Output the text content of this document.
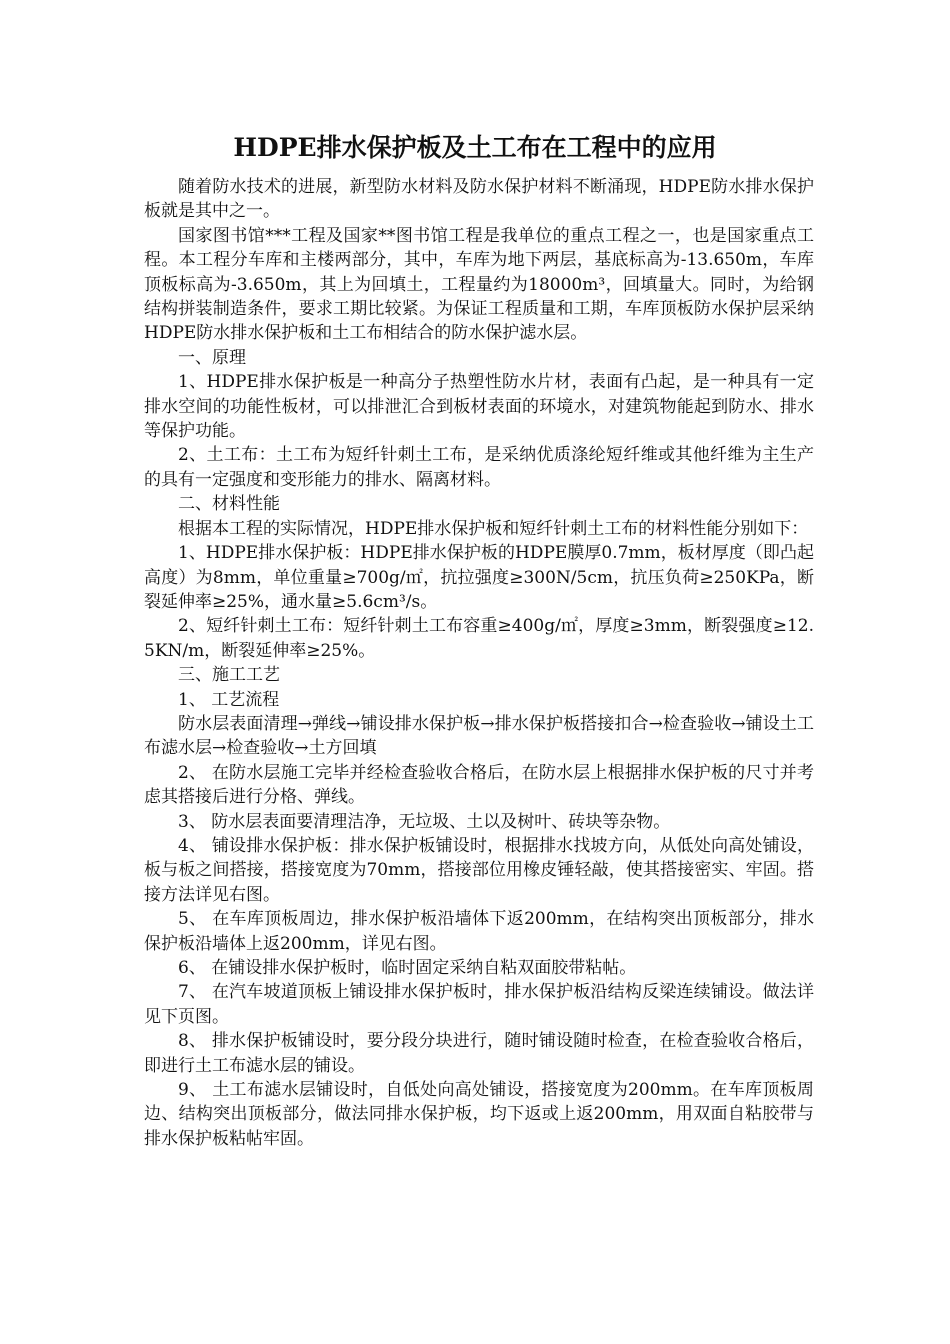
HDPE排水保护板及土工布在工程中的应用

随着防水技术的进展，新型防水材料及防水保护材料不断涌现，HDPE防水排水保护板就是其中之一。

国家图书馆***工程及国家**图书馆工程是我单位的重点工程之一，也是国家重点工程。本工程分车库和主楼两部分，其中，车库为地下两层，基底标高为-13.650m，车库顶板标高为-3.650m，其上为回填土，工程量约为18000m³，回填量大。同时，为给钢结构拼装制造条件，要求工期比较紧。为保证工程质量和工期，车库顶板防水保护层采纳HDPE防水排水保护板和土工布相结合的防水保护滤水层。

一、原理

1、HDPE排水保护板是一种高分子热塑性防水片材，表面有凸起，是一种具有一定排水空间的功能性板材，可以排泄汇合到板材表面的环境水，对建筑物能起到防水、排水等保护功能。

2、土工布：土工布为短纤针刺土工布，是采纳优质涤纶短纤维或其他纤维为主生产的具有一定强度和变形能力的排水、隔离材料。

二、材料性能

根据本工程的实际情况，HDPE排水保护板和短纤针刺土工布的材料性能分别如下：

1、HDPE排水保护板：HDPE排水保护板的HDPE膜厚0.7mm，板材厚度（即凸起高度）为8mm，单位重量≥700g/㎡，抗拉强度≥300N/5cm，抗压负荷≥250KPa，断裂延伸率≥25%，通水量≥5.6cm³/s。

2、短纤针刺土工布：短纤针刺土工布容重≥400g/㎡，厚度≥3mm，断裂强度≥12.5KN/m，断裂延伸率≥25%。

三、施工工艺

1、 工艺流程

防水层表面清理→弹线→铺设排水保护板→排水保护板搭接扣合→检查验收→铺设土工布滤水层→检查验收→土方回填

2、 在防水层施工完毕并经检查验收合格后，在防水层上根据排水保护板的尺寸并考虑其搭接后进行分格、弹线。

3、 防水层表面要清理洁净，无垃圾、土以及树叶、砖块等杂物。

4、 铺设排水保护板：排水保护板铺设时，根据排水找坡方向，从低处向高处铺设，板与板之间搭接，搭接宽度为70mm，搭接部位用橡皮锤轻敲，使其搭接密实、牢固。搭接方法详见右图。

5、 在车库顶板周边，排水保护板沿墙体下返200mm，在结构突出顶板部分，排水保护板沿墙体上返200mm，详见右图。

6、 在铺设排水保护板时，临时固定采纳自粘双面胶带粘帖。

7、 在汽车坡道顶板上铺设排水保护板时，排水保护板沿结构反梁连续铺设。做法详见下页图。

8、 排水保护板铺设时，要分段分块进行，随时铺设随时检查，在检查验收合格后，即进行土工布滤水层的铺设。

9、 土工布滤水层铺设时，自低处向高处铺设，搭接宽度为200mm。在车库顶板周边、结构突出顶板部分，做法同排水保护板，均下返或上返200mm，用双面自粘胶带与排水保护板粘帖牢固。
